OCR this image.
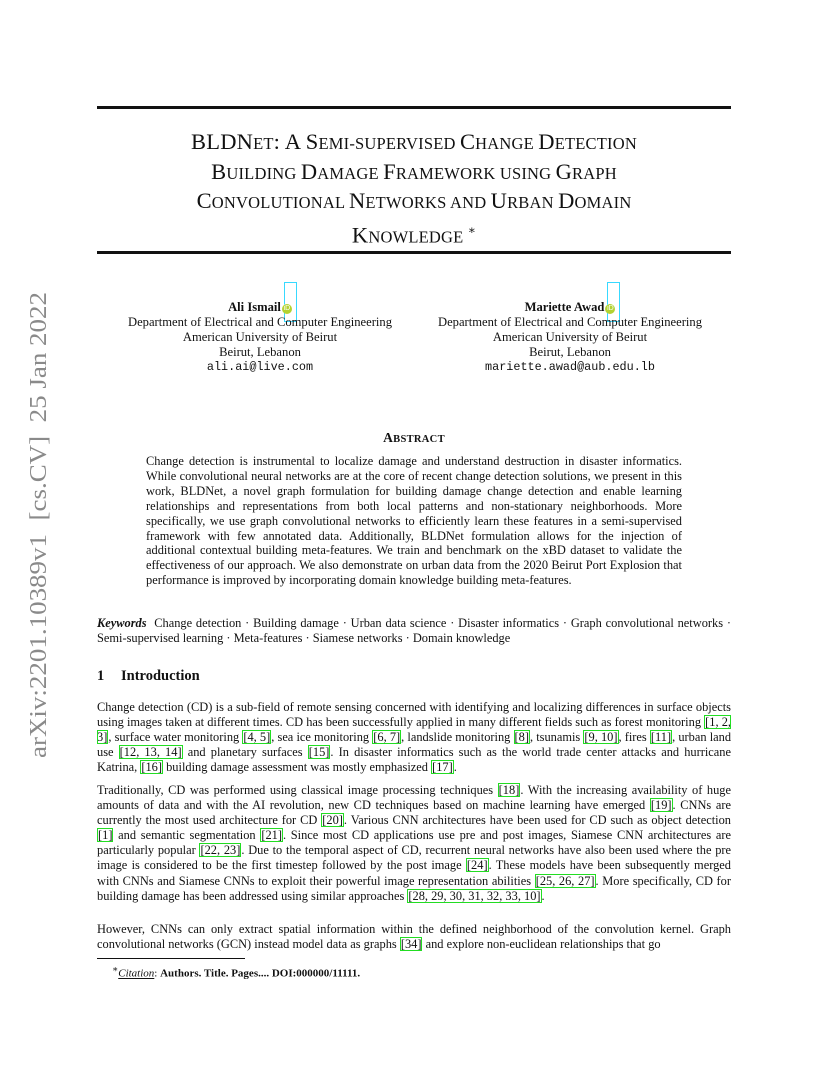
arXiv:2201.10389v1  [cs.CV]  25 Jan 2022
BLDNET: A SEMI-SUPERVISED CHANGE DETECTION
BUILDING DAMAGE FRAMEWORK USING GRAPH
CONVOLUTIONAL NETWORKS AND URBAN DOMAIN
KNOWLEDGE ∗
Ali Ismail iD
Department of Electrical and Computer Engineering
American University of Beirut
Beirut, Lebanon
ali.ai@live.com
Mariette Awad iD
Department of Electrical and Computer Engineering
American University of Beirut
Beirut, Lebanon
mariette.awad@aub.edu.lb
ABSTRACT
Change detection is instrumental to localize damage and understand destruction in disaster informatics. While convolutional neural networks are at the core of recent change detection solutions, we present in this work, BLDNet, a novel graph formulation for building damage change detection and enable learning relationships and representations from both local patterns and non-stationary neighborhoods. More specifically, we use graph convolutional networks to efficiently learn these features in a semi-supervised framework with few annotated data. Additionally, BLDNet formulation allows for the injection of additional contextual building meta-features. We train and benchmark on the xBD dataset to validate the effectiveness of our approach. We also demonstrate on urban data from the 2020 Beirut Port Explosion that performance is improved by incorporating domain knowledge building meta-features.
Keywords Change detection · Building damage · Urban data science · Disaster informatics · Graph convolutional networks · Semi-supervised learning · Meta-features · Siamese networks · Domain knowledge
1 Introduction
Change detection (CD) is a sub-field of remote sensing concerned with identifying and localizing differences in surface objects using images taken at different times. CD has been successfully applied in many different fields such as forest monitoring [1, 2, 3], surface water monitoring [4, 5], sea ice monitoring [6, 7], landslide monitoring [8], tsunamis [9, 10], fires [11], urban land use [12, 13, 14] and planetary surfaces [15]. In disaster informatics such as the world trade center attacks and hurricane Katrina, [16] building damage assessment was mostly emphasized [17].
Traditionally, CD was performed using classical image processing techniques [18]. With the increasing availability of huge amounts of data and with the AI revolution, new CD techniques based on machine learning have emerged [19]. CNNs are currently the most used architecture for CD [20]. Various CNN architectures have been used for CD such as object detection [1] and semantic segmentation [21]. Since most CD applications use pre and post images, Siamese CNN architectures are particularly popular [22, 23]. Due to the temporal aspect of CD, recurrent neural networks have also been used where the pre image is considered to be the first timestep followed by the post image [24]. These models have been subsequently merged with CNNs and Siamese CNNs to exploit their powerful image representation abilities [25, 26, 27]. More specifically, CD for building damage has been addressed using similar approaches [28, 29, 30, 31, 32, 33, 10].
However, CNNs can only extract spatial information within the defined neighborhood of the convolution kernel. Graph convolutional networks (GCN) instead model data as graphs [34] and explore non-euclidean relationships that go
∗Citation: Authors. Title. Pages.... DOI:000000/11111.
